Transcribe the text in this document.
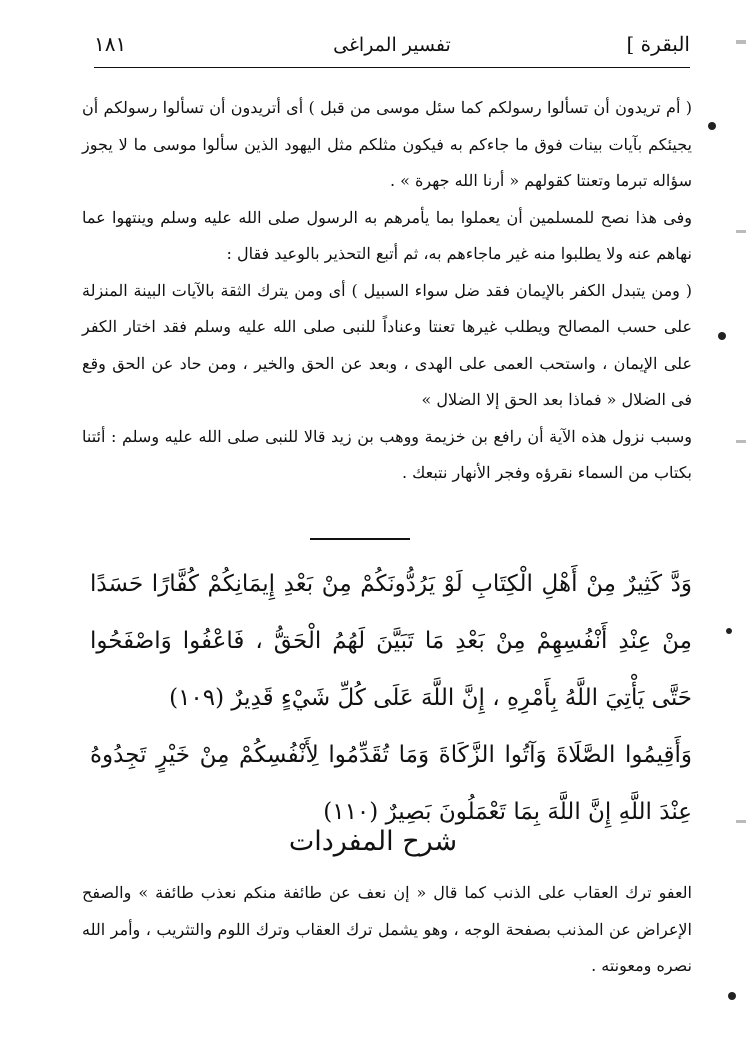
البقرة ]
تفسير المراغى
١٨١

( أم تريدون أن تسألوا رسولكم كما سئل موسى من قبل ) أى أتريدون أن تسألوا رسولكم أن يجيئكم بآيات بينات فوق ما جاءكم به فيكون مثلكم مثل اليهود الذين سألوا موسى ما لا يجوز سؤاله تبرما وتعنتا كقولهم « أرنا الله جهرة » .

وفى هذا نصح للمسلمين أن يعملوا بما يأمرهم به الرسول صلى الله عليه وسلم وينتهوا عما نهاهم عنه ولا يطلبوا منه غير ماجاءهم به، ثم أتبع التحذير بالوعيد فقال :

( ومن يتبدل الكفر بالإيمان فقد ضل سواء السبيل ) أى ومن يترك الثقة بالآيات البينة المنزلة على حسب المصالح ويطلب غيرها تعنتا وعناداً للنبى صلى الله عليه وسلم فقد اختار الكفر على الإيمان ، واستحب العمى على الهدى ، وبعد عن الحق والخير ، ومن حاد عن الحق وقع فى الضلال « فماذا بعد الحق إلا الضلال »

وسبب نزول هذه الآية أن رافع بن خزيمة ووهب بن زيد قالا للنبى صلى الله عليه وسلم : أئتنا بكتاب من السماء نقرؤه وفجر الأنهار نتبعك .

وَدَّ كَثِيرٌ مِنْ أَهْلِ الْكِتَابِ لَوْ يَرُدُّونَكُمْ مِنْ بَعْدِ إِيمَانِكُمْ كُفَّارًا حَسَدًا مِنْ عِنْدِ أَنْفُسِهِمْ مِنْ بَعْدِ مَا تَبَيَّنَ لَهُمُ الْحَقُّ ، فَاعْفُوا وَاصْفَحُوا حَتَّى يَأْتِيَ اللَّهُ بِأَمْرِهِ ، إِنَّ اللَّهَ عَلَى كُلِّ شَيْءٍ قَدِيرٌ (١٠٩)

وَأَقِيمُوا الصَّلَاةَ وَآتُوا الزَّكَاةَ وَمَا تُقَدِّمُوا لِأَنْفُسِكُمْ مِنْ خَيْرٍ تَجِدُوهُ عِنْدَ اللَّهِ إِنَّ اللَّهَ بِمَا تَعْمَلُونَ بَصِيرٌ (١١٠)

شرح المفردات

العفو ترك العقاب على الذنب كما قال « إن نعف عن طائفة منكم نعذب طائفة » والصفح الإعراض عن المذنب بصفحة الوجه ، وهو يشمل ترك العقاب وترك اللوم والتثريب ، وأمر الله نصره ومعونته .
